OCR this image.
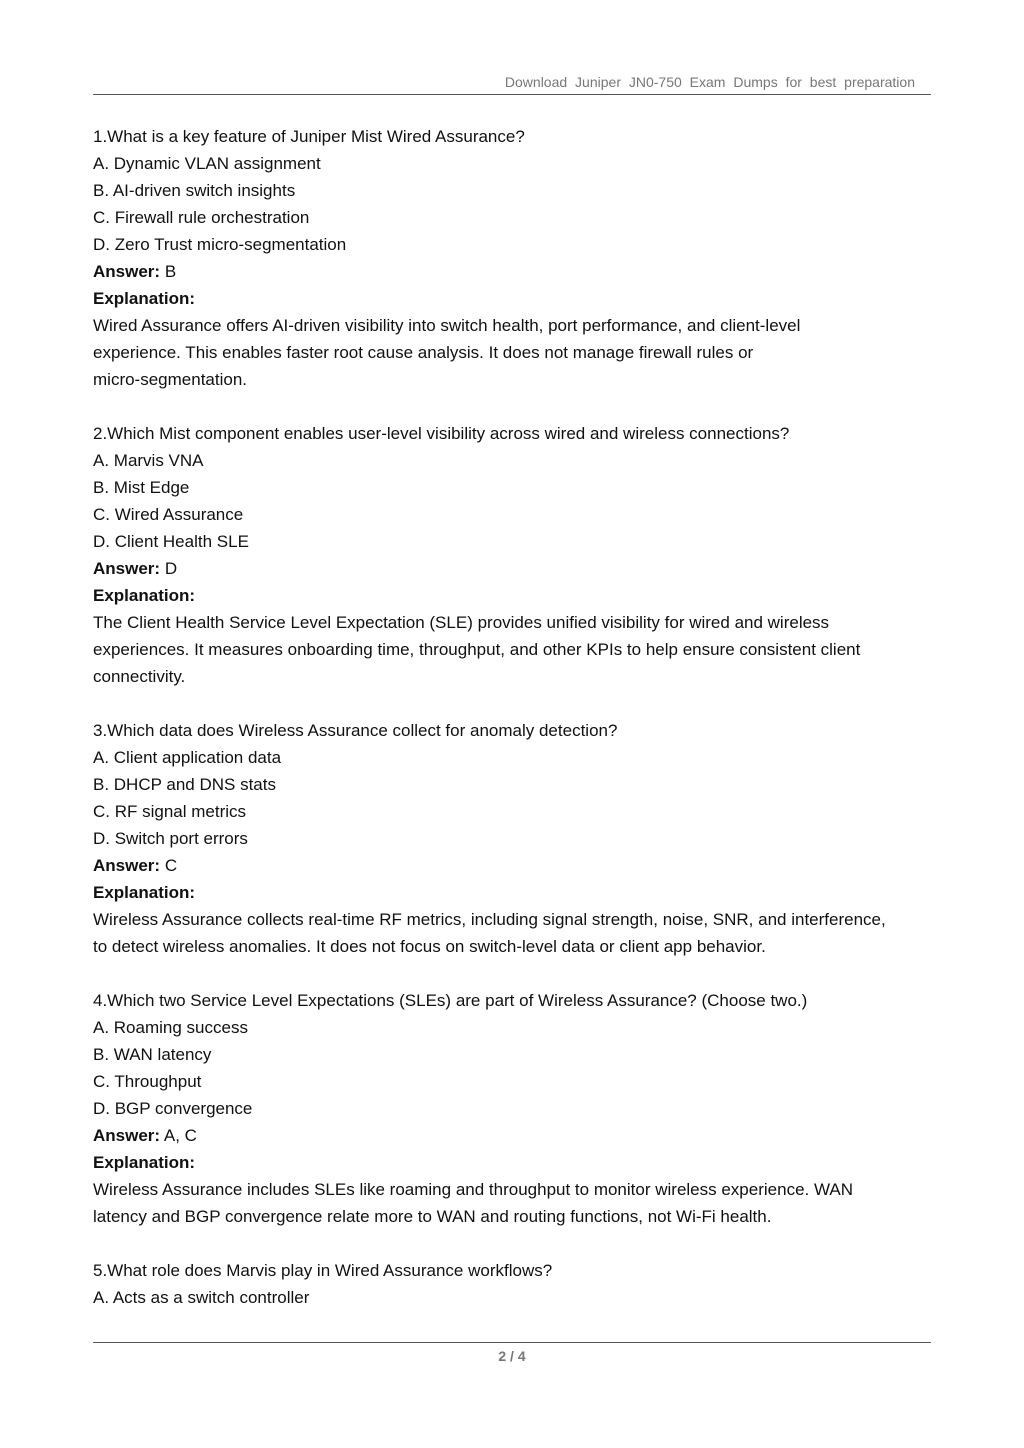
Download Juniper JN0-750 Exam Dumps for best preparation

1.What is a key feature of Juniper Mist Wired Assurance?

A. Dynamic VLAN assignment

B. AI-driven switch insights

C. Firewall rule orchestration

D. Zero Trust micro-segmentation

Answer: B

Explanation:

Wired Assurance offers AI-driven visibility into switch health, port performance, and client-level

experience. This enables faster root cause analysis. It does not manage firewall rules or

micro-segmentation.

2.Which Mist component enables user-level visibility across wired and wireless connections?

A. Marvis VNA

B. Mist Edge

C. Wired Assurance

D. Client Health SLE

Answer: D

Explanation:

The Client Health Service Level Expectation (SLE) provides unified visibility for wired and wireless

experiences. It measures onboarding time, throughput, and other KPIs to help ensure consistent client

connectivity.

3.Which data does Wireless Assurance collect for anomaly detection?

A. Client application data

B. DHCP and DNS stats

C. RF signal metrics

D. Switch port errors

Answer: C

Explanation:

Wireless Assurance collects real-time RF metrics, including signal strength, noise, SNR, and interference,

to detect wireless anomalies. It does not focus on switch-level data or client app behavior.

4.Which two Service Level Expectations (SLEs) are part of Wireless Assurance? (Choose two.)

A. Roaming success

B. WAN latency

C. Throughput

D. BGP convergence

Answer: A, C

Explanation:

Wireless Assurance includes SLEs like roaming and throughput to monitor wireless experience. WAN

latency and BGP convergence relate more to WAN and routing functions, not Wi-Fi health.

5.What role does Marvis play in Wired Assurance workflows?

A. Acts as a switch controller

2 / 4
